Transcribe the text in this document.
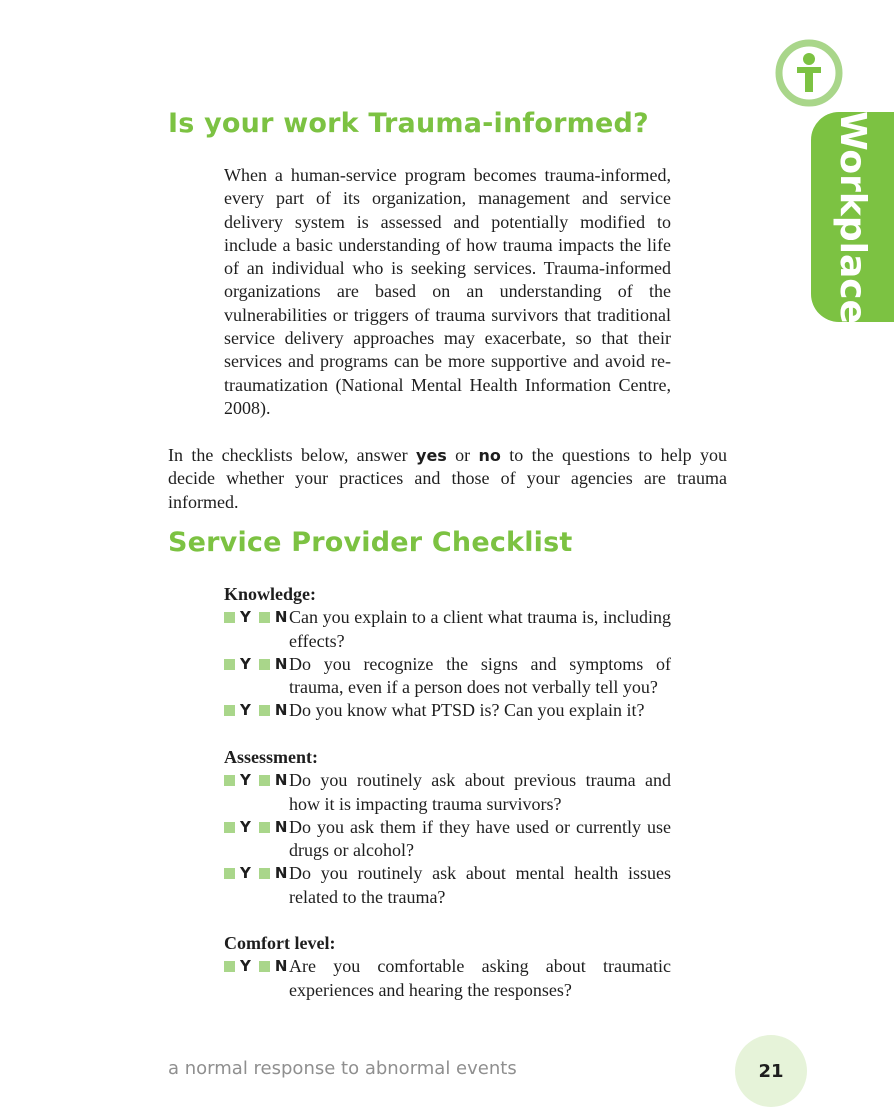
Workplace
Is your work Trauma-informed?

When a human-service program becomes trauma-informed, every part of its organization, management and service delivery system is assessed and potentially modified to include a basic understanding of how trauma impacts the life of an individual who is seeking services. Trauma-informed organizations are based on an understanding of the vulnerabilities or triggers of trauma survivors that traditional service delivery approaches may exacerbate, so that their services and programs can be more supportive and avoid re-traumatization (National Mental Health Information Centre, 2008).

In the checklists below, answer yes or no to the questions to help you decide whether your practices and those of your agencies are trauma informed.

Service Provider Checklist

Knowledge:

Y N Can you explain to a client what trauma is, including effects?
Y N Do you recognize the signs and symptoms of trauma, even if a person does not verbally tell you?
Y N Do you know what PTSD is? Can you explain it?

Assessment:

Y N Do you routinely ask about previous trauma and how it is impacting trauma survivors?
Y N Do you ask them if they have used or currently use drugs or alcohol?
Y N Do you routinely ask about mental health issues related to the trauma?

Comfort level:

Y N Are you comfortable asking about traumatic experiences and hearing the responses?
a normal response to abnormal events	21
